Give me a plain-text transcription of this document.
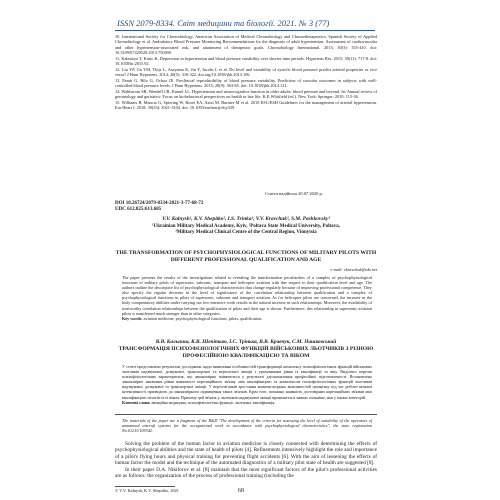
ISSN 2079-8334. Світ медицини та біології. 2021. № 3 (77)

10. International Society for Chronobiology, American Association of Medical Chronobiology and Chronotherapeutics; Spanish Society of Applied Chronobiology et al. Ambulatory Blood Pressure Monitoring Recommendations for the diagnosis of adult hypertension, Assessment of cardiovascular and other hypertension-associated risk, and attainment of therapeutic goals. Chronobiology International. 2013; 30(3): 355-410. doi: 10.3109/07420528.2013.750490.

11. Kabutoya T, Kario K. Depression in hypertension and blood pressure variability over shorter time periods. Hypertens Res. 2015; 38(11): 717-8. doi: 10.1038/hr.2015.92.

12. Liu YP, Gu YM, Thijs L, Asayama K, Jin Y, Jacobs L et al. Do level and variability of systolic blood pressure predict arterial properties or vice versa? J Hum Hypertens. 2014; 28(5): 316-322. doi.org/10.1038/jhh.2013.106.

13. Parati G, Bilo G, Ochoa JE. Preclinical reproducibility of blood pressure variability. Prediction of vascular outcomes in subjects with well-controlled blood pressure levels. J Hum Hypertens. 2015; 28(9): 563-65. doi: 10.1038/jhh.2014.121.

14. Wahlstrom SR, Wendell CR, Kuinel LL. Hypertension and neurocognitive function in older adults: blood pressure and beyond. In: Annual review of gerontology and geriatrics: Focus on biobehavioral perspectives on health in late life. K.E.Whitfield (ed.). New York: Springer; 2010: 115-36.

15. Williams B, Mancia G, Spiering W, Rosei EA, Azizi M, Burnier M et al. 2018 ESC/ESH Guidelines for the management of arterial hypertension. Eur Heart J. 2018; 39(33): 3021-3104. doi: 10.1093/eurheartj/ehy339.

Стаття надійшла 20.07.2020 р.
DOI 10.26724/2079-8334-2021-3-77-68-72
UDC 612.825:613.685
V.V. Kalnysh¹, K.V. Shepitko², I.S. Trinka¹, V.V. Kravchuk³, S.M. Pashkovsky³
¹Ukrainian Military Medical Academy, Kyiv, ²Poltava State Medical University, Poltava,
³Military Medical Clinical Centre of the Central Region, Vinnytsia
THE TRANSFORMATION OF PSYCHOPHYSIOLOGICAL FUNCTIONS OF MILITARY PILOTS WITH DIFFERENT PROFESSIONAL QUALIFICATION AND AGE
e-mail: vkravchuk@ukr.net
The paper presents the results of the investigations related to revealing the transformation peculiarities of a complex of psychophysiological functions of military pilots of supersonic, subsonic, transport and helicopter aviation with due respect to their qualification level and age. The authors outline the descriptive list of psychophysiological characteristics that change regularly because of improving professional competence. They also specify the regular decrease in the level of significance of the correlation relationship between qualification and a complex of psychophysiological functions in pilots of supersonic, subsonic and transport aviation. As for helicopter pilots are concerned, the increase in the body compensatory abilities under carrying out low-intensive work results in the natural increase in such relationships. Moreover, the availability of trustworthy correlation relationships between the qualification of pilots and their age is shown. Furthermore, this relationship in supersonic aviation pilots is manifested much stronger than in other categories.
Key words: aviation medicine, psychophysiological functions, pilots, qualification.
В.В. Кальниш, К.В. Шепітько, І.С. Трінька, В.В. Кравчук, С.М. Пашковський
ТРАНСФОРМАЦІЯ ПСИХОФІЗІОЛОГІЧНИХ ФУНКЦІЙ ВІЙСЬКОВИХ ЛЬОТЧИКІВ З РІЗНОЮ ПРОФЕСІЙНОЮ КВАЛІФІКАЦІЄЮ ТА ВІКОМ
У статті представлено результати досліджень щодо виявлення особливостей трансформації комплексу психофізіологічних функцій військових льотчиків надзвукової, дозвукової, транспортної та вертолітної авіації з урахуванням рівня їх кваліфікації та віку. Виділено перелік психофізіологічних характеристик, що закономірно змінюються у результаті удосконалення професійної підготовленості. Встановлено закономірне зниження рівня значимості кореляційного зв'язку між кваліфікацією та комплексом психофізіологічних функцій льотчиків надзвукової, дозвукової та транспортної авіації. У вертолітчиків зростання компенсаторних можливостей організму під час роботи низької інтенсивності призводить до закономірного підвищення таких зв'язків. Крім того, показано наявність достовірних кореляційних зв'язків між кваліфікацією пілотів та їх віком. Причому цей зв'язок у льотчиків надзвукової авіації проявляється значно сильніше, ніж у інших категорій.
Ключові слова: авіаційна медицина, психофізіологічні функції, льотчики, кваліфікація.
The materials of the paper are a fragment of the R&D "The development of the criteria for assessing the level of suitability of the operators of unmanned aircraft systems for the occupational work in accordance with psychophysiological characteristics", the state registration No.0121U109342.

Solving the problem of the human factor in aviation medicine is closely connected with determining the effects of psychophysiological abilities and the state of health of pilots [4]. Refinements intensively highlight the role and importance of a pilot's flying hours and physical training for preventing flight accidents [6]. With the aim of lessening the effects of human factor the model and the technique of the automated diagnostics of a military pilot state of health are suggested [8].

In their paper D.A. Nikiforov et al. [8] maintain that the most significant factors of the pilot's professional activities are as follows: the organization of the process of professional training (including the

© V.V. Kalnysh, K.V. Shepitko, 2021	68
